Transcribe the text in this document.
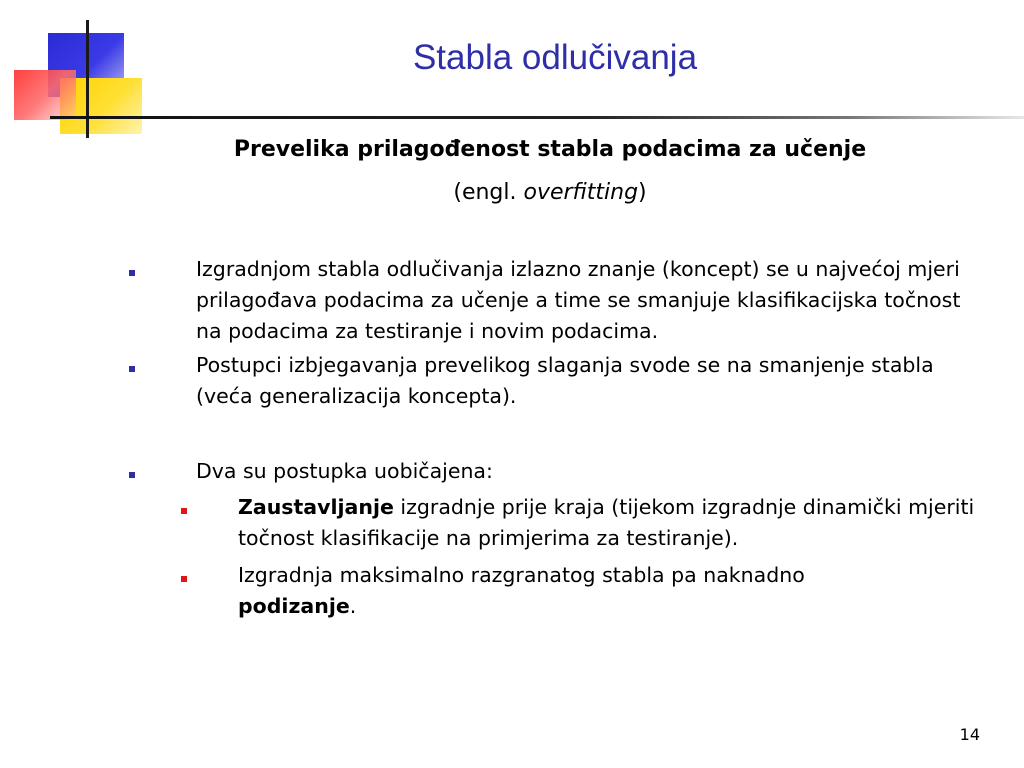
Stabla odlučivanja
Prevelika prilagođenost stabla podacima za učenje
(engl. overfitting)
Izgradnjom stabla odlučivanja izlazno znanje (koncept) se u najvećoj mjeri prilagođava podacima za učenje a time se smanjuje klasifikacijska točnost na podacima za testiranje i novim podacima.
Postupci izbjegavanja prevelikog slaganja svode se na smanjenje stabla (veća generalizacija koncepta).
Dva su postupka uobičajena:
Zaustavljanje izgradnje prije kraja (tijekom izgradnje dinamički mjeriti točnost klasifikacije na primjerima za testiranje).
Izgradnja maksimalno razgranatog stabla pa naknadno podizanje.
14
